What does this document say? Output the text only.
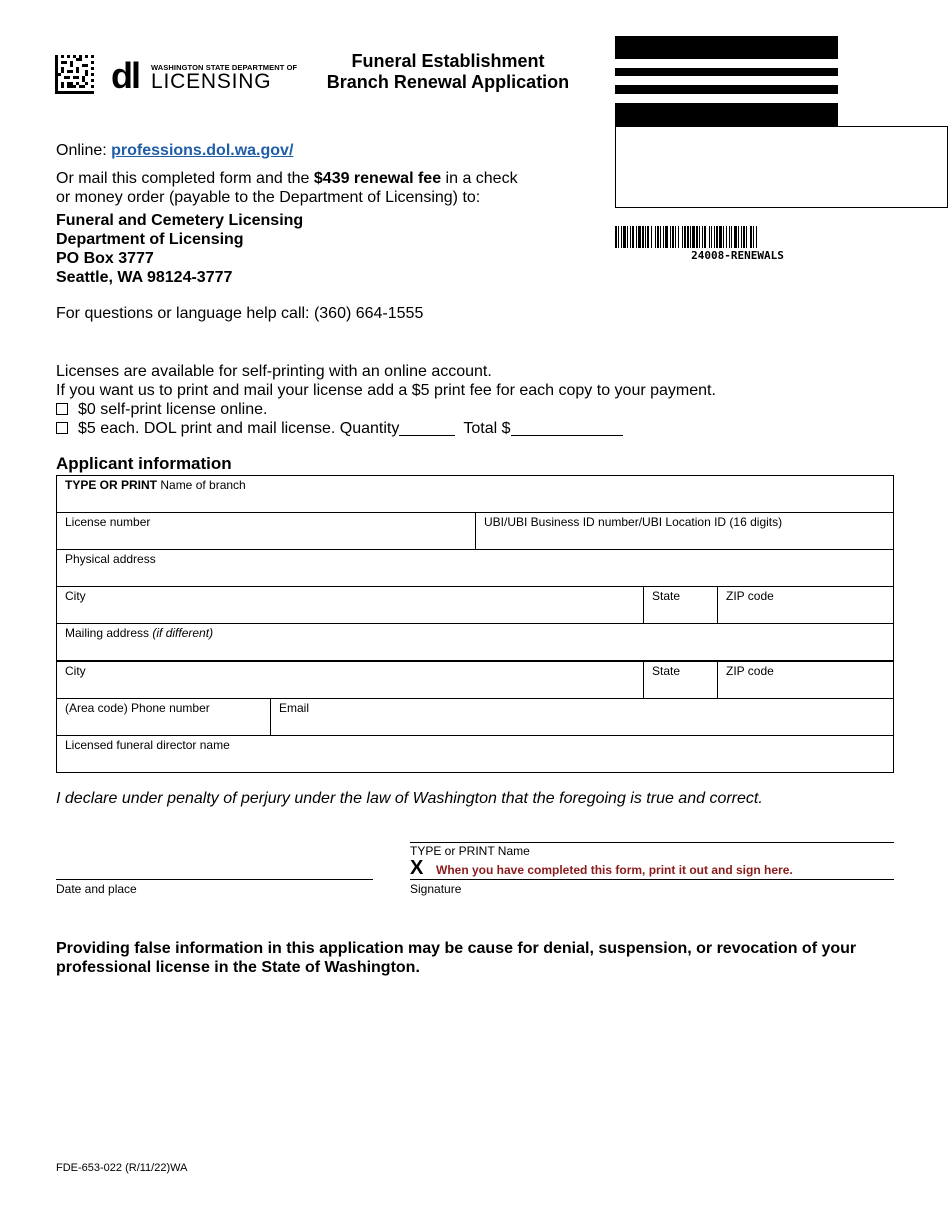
dl WASHINGTON STATE DEPARTMENT OF
LICENSING
Funeral Establishment
Branch Renewal Application
24008-RENEWALS
Online: professions.dol.wa.gov/
Or mail this completed form and the $439 renewal fee in a check
or money order (payable to the Department of Licensing) to:
Funeral and Cemetery Licensing
Department of Licensing
PO Box 3777
Seattle, WA 98124-3777
For questions or language help call: (360) 664-1555
Licenses are available for self-printing with an online account.
If you want us to print and mail your license add a $5 print fee for each copy to your payment.
$0 self-print license online.
$5 each. DOL print and mail license. Quantity	Total $
Applicant information
TYPE OR PRINT Name of branch
License number	UBI/UBI Business ID number/UBI Location ID (16 digits)
Physical address
City	State	ZIP code
Mailing address (if different)
City	State	ZIP code
(Area code) Phone number	Email
Licensed funeral director name
I declare under penalty of perjury under the law of Washington that the foregoing is true and correct.
TYPE or PRINT Name
X When you have completed this form, print it out and sign here.
Signature
Date and place
Providing false information in this application may be cause for denial, suspension, or revocation of your professional license in the State of Washington.
FDE-653-022 (R/11/22)WA
